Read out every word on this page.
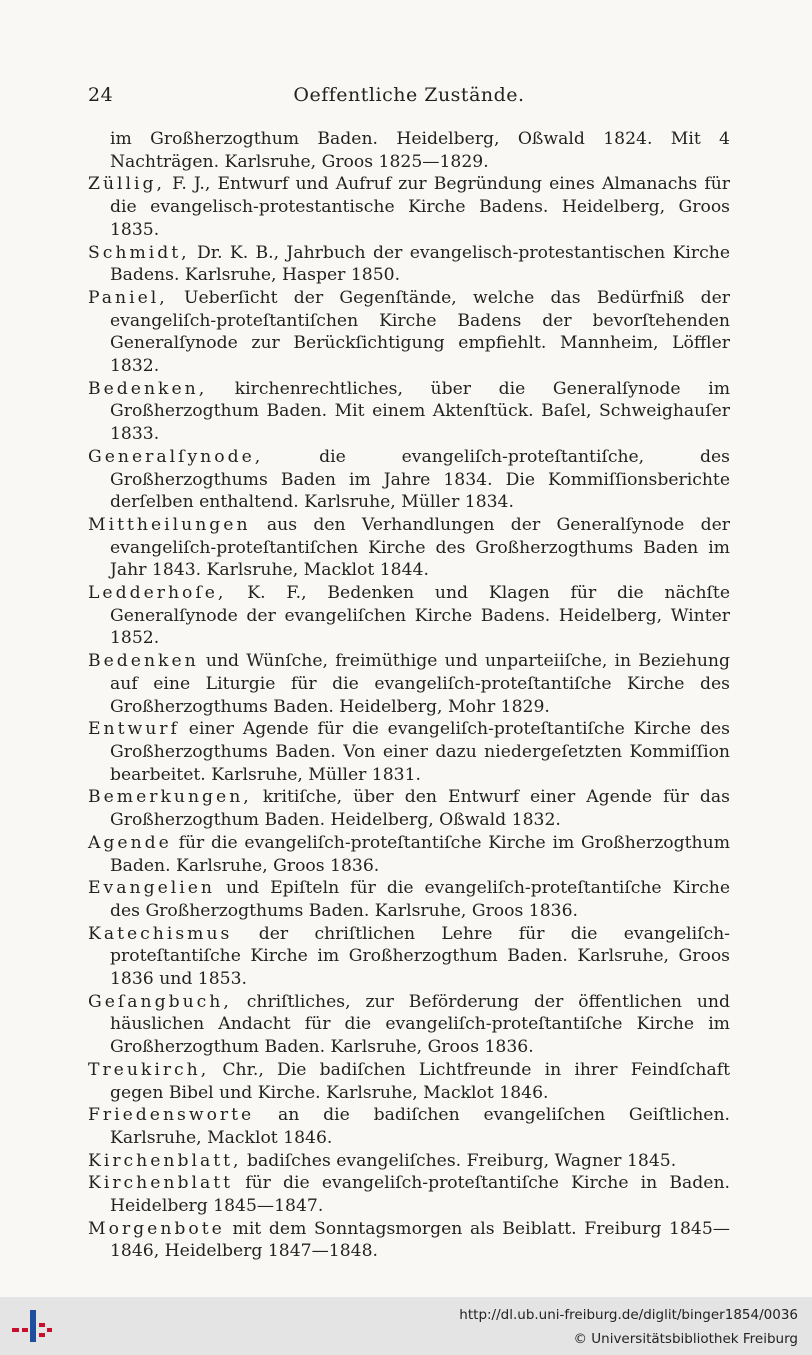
24	Oeffentliche Zustände.

im Großherzogthum Baden. Heidelberg, Oßwald 1824. Mit 4 Nachträgen. Karlsruhe, Groos 1825—1829.

Züllig, F. J., Entwurf und Aufruf zur Begründung eines Almanachs für die evangelisch-protestantische Kirche Badens. Heidelberg, Groos 1835.

Schmidt, Dr. K. B., Jahrbuch der evangelisch-protestantischen Kirche Badens. Karlsruhe, Hasper 1850.

Paniel, Ueberſicht der Gegenſtände, welche das Bedürfniß der evangeliſch-proteſtantiſchen Kirche Badens der bevorſtehenden Generalſynode zur Berückſichtigung empfiehlt. Mannheim, Löffler 1832.

Bedenken, kirchenrechtliches, über die Generalſynode im Großherzogthum Baden. Mit einem Aktenſtück. Baſel, Schweighauſer 1833.

Generalſynode, die evangeliſch-proteſtantiſche, des Großherzogthums Baden im Jahre 1834. Die Kommiſſionsberichte derſelben enthaltend. Karlsruhe, Müller 1834.

Mittheilungen aus den Verhandlungen der Generalſynode der evangeliſch-proteſtantiſchen Kirche des Großherzogthums Baden im Jahr 1843. Karlsruhe, Macklot 1844.

Ledderhoſe, K. F., Bedenken und Klagen für die nächſte Generalſynode der evangeliſchen Kirche Badens. Heidelberg, Winter 1852.

Bedenken und Wünſche, freimüthige und unparteiiſche, in Beziehung auf eine Liturgie für die evangeliſch-proteſtantiſche Kirche des Großherzogthums Baden. Heidelberg, Mohr 1829.

Entwurf einer Agende für die evangeliſch-proteſtantiſche Kirche des Großherzogthums Baden. Von einer dazu niedergeſetzten Kommiſſion bearbeitet. Karlsruhe, Müller 1831.

Bemerkungen, kritiſche, über den Entwurf einer Agende für das Großherzogthum Baden. Heidelberg, Oßwald 1832.

Agende für die evangeliſch-proteſtantiſche Kirche im Großherzogthum Baden. Karlsruhe, Groos 1836.

Evangelien und Epiſteln für die evangeliſch-proteſtantiſche Kirche des Großherzogthums Baden. Karlsruhe, Groos 1836.

Katechismus der chriſtlichen Lehre für die evangeliſch-proteſtantiſche Kirche im Großherzogthum Baden. Karlsruhe, Groos 1836 und 1853.

Geſangbuch, chriſtliches, zur Beförderung der öffentlichen und häuslichen Andacht für die evangeliſch-proteſtantiſche Kirche im Großherzogthum Baden. Karlsruhe, Groos 1836.

Treukirch, Chr., Die badiſchen Lichtfreunde in ihrer Feindſchaft gegen Bibel und Kirche. Karlsruhe, Macklot 1846.

Friedensworte an die badiſchen evangeliſchen Geiſtlichen. Karlsruhe, Macklot 1846.

Kirchenblatt, badiſches evangeliſches. Freiburg, Wagner 1845.

Kirchenblatt für die evangeliſch-proteſtantiſche Kirche in Baden. Heidelberg 1845—1847.

Morgenbote mit dem Sonntagsmorgen als Beiblatt. Freiburg 1845—1846, Heidelberg 1847—1848.

http://dl.ub.uni-freiburg.de/diglit/binger1854/0036
© Universitätsbibliothek Freiburg
